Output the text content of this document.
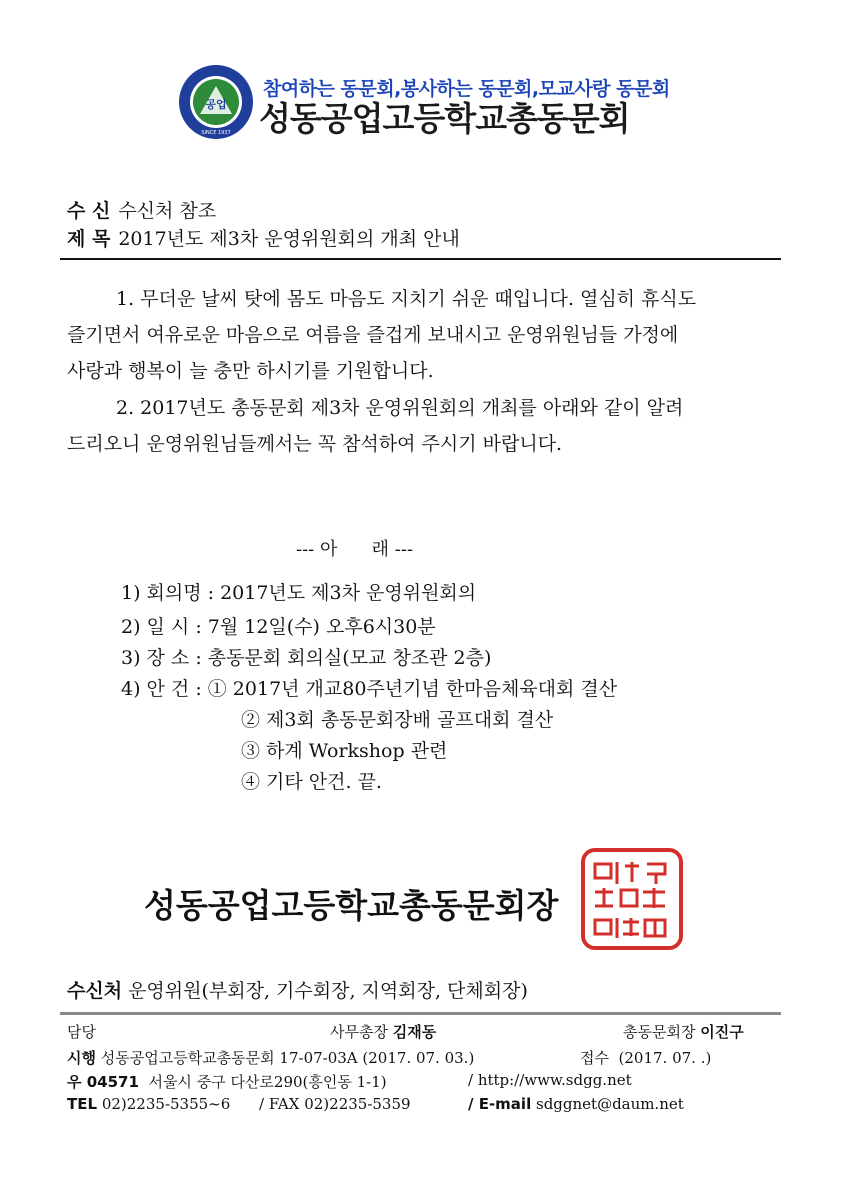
공업
SINCE 1937
참여하는 동문회,봉사하는 동문회,모교사랑 동문회
성동공업고등학교총동문회
수 신 수신처 참조
제 목 2017년도 제3차 운영위원회의 개최 안내
1. 무더운 날씨 탓에 몸도 마음도 지치기 쉬운 때입니다. 열심히 휴식도
즐기면서 여유로운 마음으로 여름을 즐겁게 보내시고 운영위원님들 가정에
사랑과 행복이 늘 충만 하시기를 기원합니다.
2. 2017년도 총동문회 제3차 운영위원회의 개최를 아래와 같이 알려
드리오니 운영위원님들께서는 꼭 참석하여 주시기 바랍니다.
--- 아      래 ---
1) 회의명 : 2017년도 제3차 운영위원회의
2) 일 시 : 7월 12일(수) 오후6시30분
3) 장 소 : 총동문회 회의실(모교 창조관 2층)
4) 안 건 : ① 2017년 개교80주년기념 한마음체육대회 결산
② 제3회 총동문회장배 골프대회 결산
③ 하계 Workshop 관련
④ 기타 안건. 끝.
성동공업고등학교총동문회장
수신처 운영위원(부회장, 기수회장, 지역회장, 단체회장)
담당	사무총장 김재동	총동문회장 이진구
시행 성동공업고등학교총동문회 17-07-03A (2017. 07. 03.)	접수 (2017. 07. .)
우 04571 서울시 중구 다산로290(흥인동 1-1)	/ http://www.sdgg.net
TEL 02)2235-5355~6 / FAX 02)2235-5359	/ E-mail sdggnet@daum.net
